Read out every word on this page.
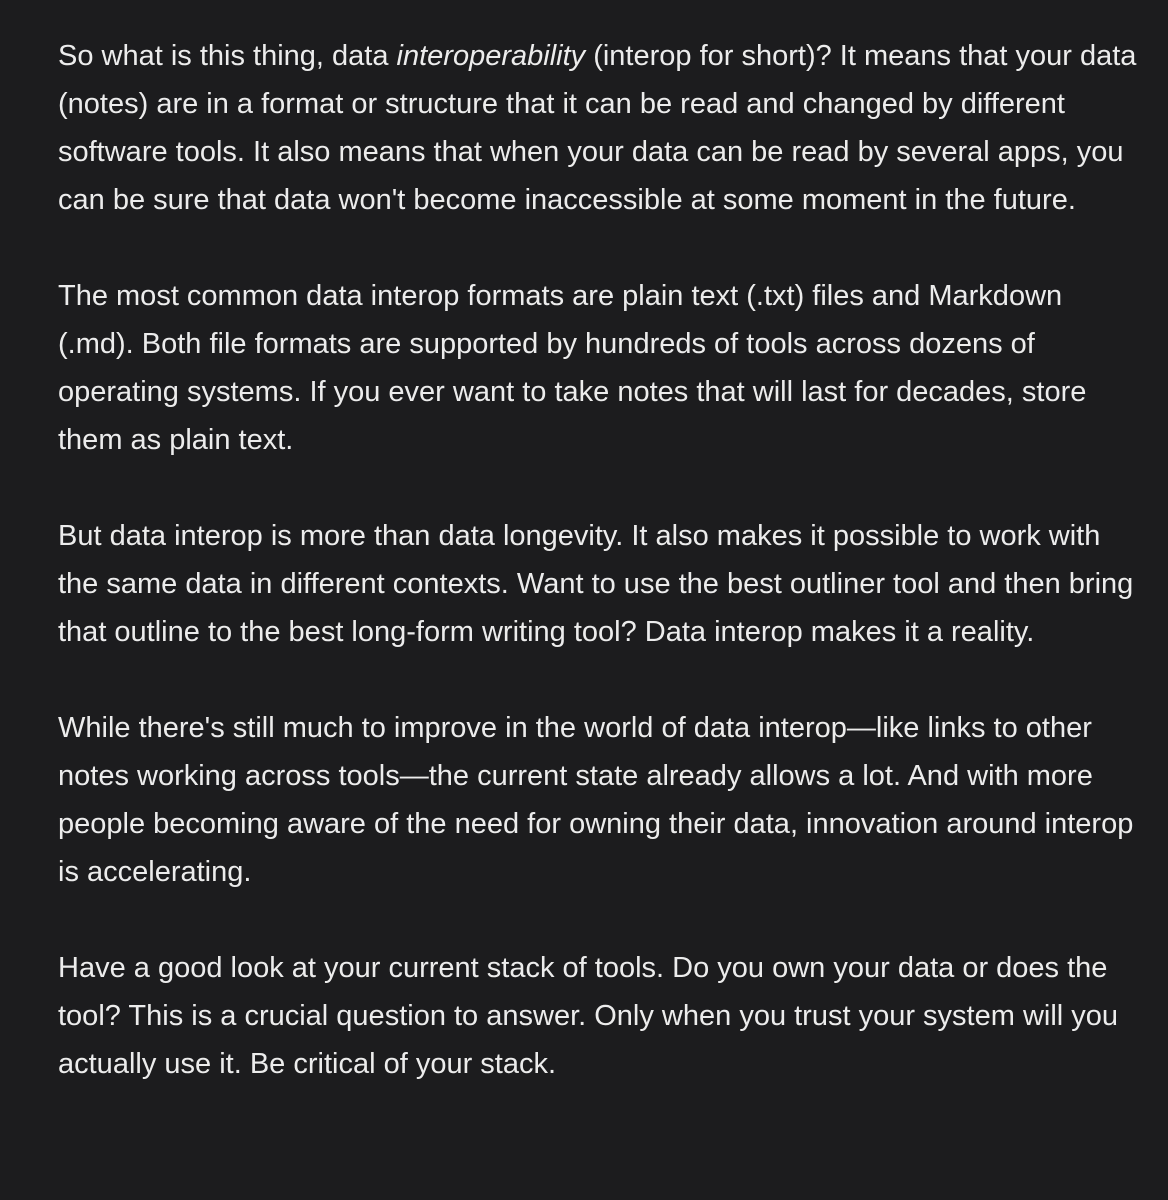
So what is this thing, data interoperability (interop for short)? It means that your data (notes) are in a format or structure that it can be read and changed by different software tools. It also means that when your data can be read by several apps, you can be sure that data won't become inaccessible at some moment in the future.

The most common data interop formats are plain text (.txt) files and Markdown (.md). Both file formats are supported by hundreds of tools across dozens of operating systems. If you ever want to take notes that will last for decades, store them as plain text.

But data interop is more than data longevity. It also makes it possible to work with the same data in different contexts. Want to use the best outliner tool and then bring that outline to the best long-form writing tool? Data interop makes it a reality.

While there's still much to improve in the world of data interop—like links to other notes working across tools—the current state already allows a lot. And with more people becoming aware of the need for owning their data, innovation around interop is accelerating.

Have a good look at your current stack of tools. Do you own your data or does the tool? This is a crucial question to answer. Only when you trust your system will you actually use it. Be critical of your stack.
